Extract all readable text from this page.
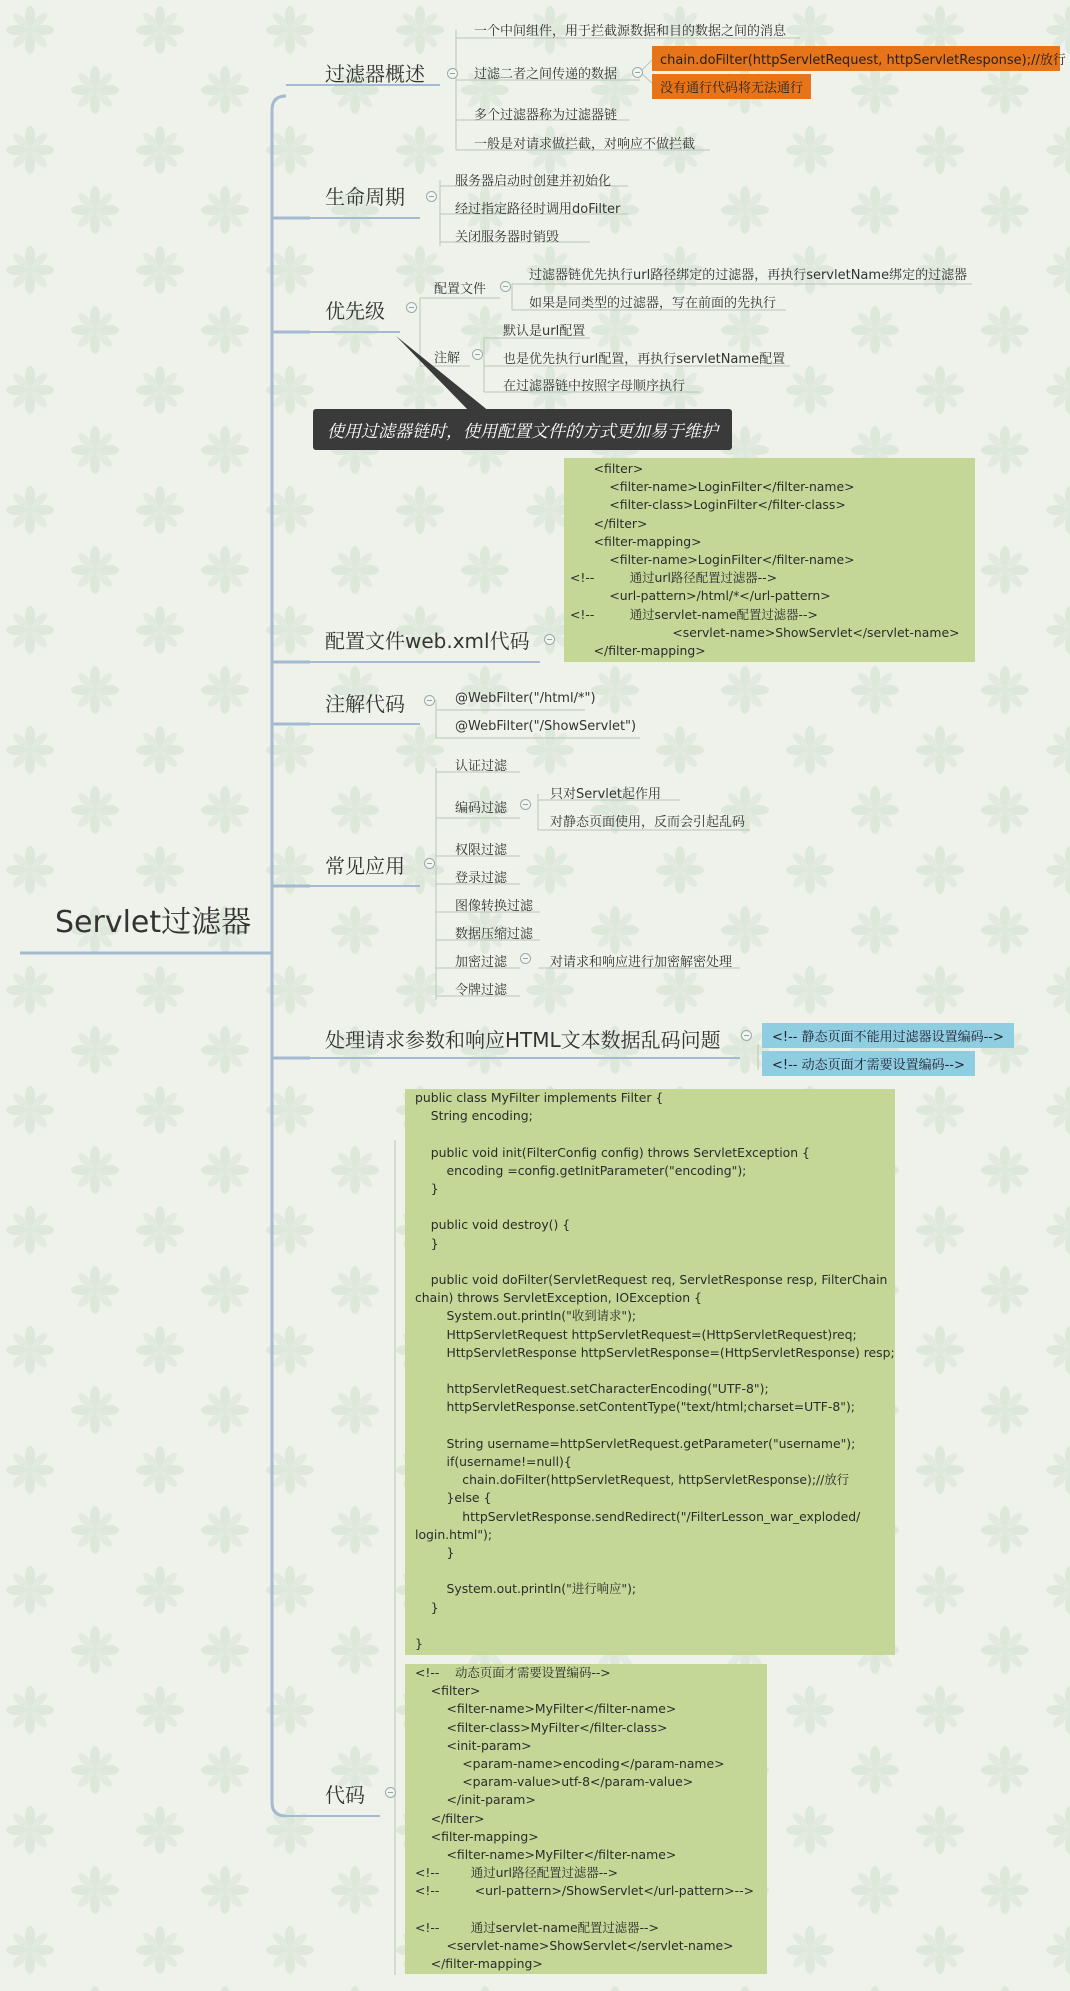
Servlet过滤器
过滤器概述
一个中间组件，用于拦截源数据和目的数据之间的消息
过滤二者之间传递的数据
chain.doFilter(httpServletRequest, httpServletResponse);//放行
没有通行代码将无法通行
多个过滤器称为过滤器链
一般是对请求做拦截，对响应不做拦截
生命周期
服务器启动时创建并初始化
经过指定路径时调用doFilter
关闭服务器时销毁
优先级
配置文件
过滤器链优先执行url路径绑定的过滤器，再执行servletName绑定的过滤器
如果是同类型的过滤器，写在前面的先执行
注解
默认是url配置
也是优先执行url配置，再执行servletName配置
在过滤器链中按照字母顺序执行
使用过滤器链时，使用配置文件的方式更加易于维护
<filter>
<filter-name>LoginFilter</filter-name>
<filter-class>LoginFilter</filter-class>
</filter>
<filter-mapping>
<filter-name>LoginFilter</filter-name>
<!--         通过url路径配置过滤器-->
<url-pattern>/html/*</url-pattern>
<!--         通过servlet-name配置过滤器-->
<servlet-name>ShowServlet</servlet-name>
</filter-mapping>
配置文件web.xml代码
注解代码	@WebFilter("/html/*")
@WebFilter("/ShowServlet")
常见应用
认证过滤
编码过滤
只对Servlet起作用
对静态页面使用，反而会引起乱码
权限过滤
登录过滤
图像转换过滤
数据压缩过滤
加密过滤	对请求和响应进行加密解密处理
令牌过滤
处理请求参数和响应HTML文本数据乱码问题	<!-- 静态页面不能用过滤器设置编码-->
<!-- 动态页面才需要设置编码-->
public class MyFilter implements Filter {
String encoding;

public void init(FilterConfig config) throws ServletException {
encoding =config.getInitParameter("encoding");
}

public void destroy() {
}

public void doFilter(ServletRequest req, ServletResponse resp, FilterChain
chain) throws ServletException, IOException {
System.out.println("收到请求");
HttpServletRequest httpServletRequest=(HttpServletRequest)req;
HttpServletResponse httpServletResponse=(HttpServletResponse) resp;

httpServletRequest.setCharacterEncoding("UTF-8");
httpServletResponse.setContentType("text/html;charset=UTF-8");

String username=httpServletRequest.getParameter("username");
if(username!=null){
chain.doFilter(httpServletRequest, httpServletResponse);//放行
}else {
httpServletResponse.sendRedirect("/FilterLesson_war_exploded/
login.html");
}

System.out.println("进行响应");
}

}
<!--    动态页面才需要设置编码-->
<filter>
<filter-name>MyFilter</filter-name>
<filter-class>MyFilter</filter-class>
<init-param>
<param-name>encoding</param-name>
<param-value>utf-8</param-value>
</init-param>
</filter>
<filter-mapping>
<filter-name>MyFilter</filter-name>
<!--        通过url路径配置过滤器-->
<!--         <url-pattern>/ShowServlet</url-pattern>-->

<!--        通过servlet-name配置过滤器-->
<servlet-name>ShowServlet</servlet-name>
</filter-mapping>
代码
